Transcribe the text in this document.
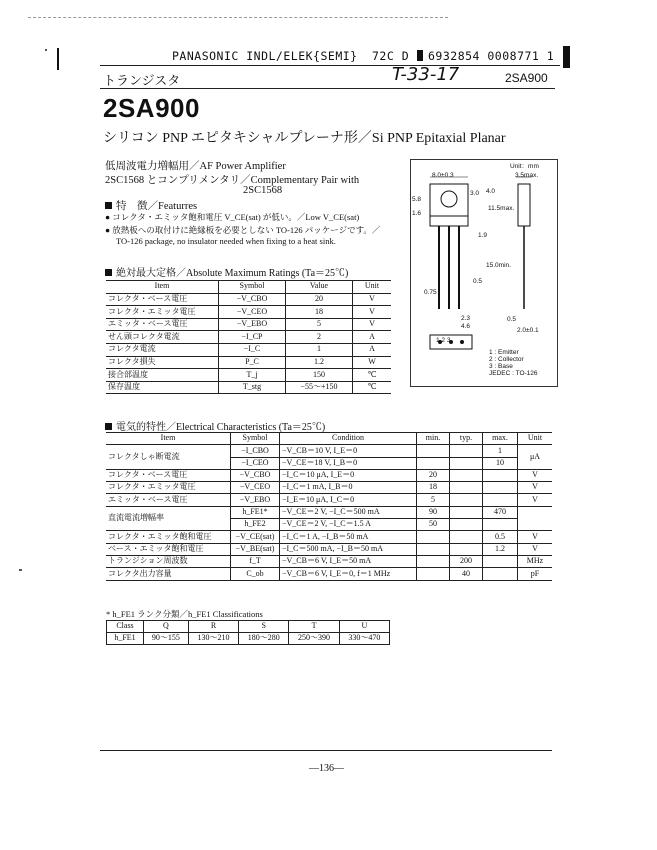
PANASONIC INDL/ELEK{SEMI} 72C D 6932854 0008771 1
トランジスタ	T-33-17	2SA900
2SA900
シリコン PNP エピタキシャルプレーナ形／Si PNP Epitaxial Planar
低周波電力増幅用／AF Power Amplifier
2SC1568 とコンプリメンタリ／Complementary Pair with
2SC1568
特　徴／Featurres
● コレクタ・エミッタ飽和電圧 V_CE(sat) が低い。／Low V_CE(sat)
● 放熱板への取付けに絶縁板を必要としない TO-126 パッケージです。／
TO-126 package, no insulator needed when fixing to a heat sink.
絶対最大定格／Absolute Maximum Ratings (Ta＝25℃)
Item	Symbol	Value	Unit
コレクタ・ベース電圧	−V_CBO	20	V
コレクタ・エミッタ電圧	−V_CEO	18	V
エミッタ・ベース電圧	−V_EBO	5	V
せん頭コレクタ電流	−I_CP	2	A
コレクタ電流	−I_C	1	A
コレクタ損失	P_C	1.2	W
接合部温度	T_j	150	℃
保存温度	T_stg	−55～+150	℃
Unit：mm
8.0±0.3	3.5max.
5.8
3.0 4.0
11.5max.
1.6
1.9
15.0min.
0.5
0.75
2.3
4.6
0.5
2.0±0.1
1 2 3
1 : Emitter
2 : Collector
3 : Base
JEDEC : TO-126
電気的特性／Electrical Characteristics (Ta＝25℃)
Item	Symbol	Condition	min.	typ.	max.	Unit
コレクタしゃ断電流	−I_CBO	−V_CB＝10 V, I_E＝0			1	μA
	−I_CEO	−V_CE＝18 V, I_B＝0			10	
コレクタ・ベース電圧	−V_CBO	−I_C＝10 μA, I_E＝0	20			V
コレクタ・エミッタ電圧	−V_CEO	−I_C＝1 mA, I_B＝0	18			V
エミッタ・ベース電圧	−V_EBO	−I_E＝10 μA, I_C＝0	5			V
直流電流増幅率	h_FE1*	−V_CE＝2 V, −I_C＝500 mA	90		470	
	h_FE2	−V_CE＝2 V, −I_C＝1.5 A	50			
コレクタ・エミッタ飽和電圧	−V_CE(sat)	−I_C＝1 A, −I_B＝50 mA			0.5	V
ベース・エミッタ飽和電圧	−V_BE(sat)	−I_C＝500 mA, −I_B＝50 mA			1.2	V
トランジション周波数	f_T	−V_CB＝6 V, I_E＝50 mA		200		MHz
コレクタ出力容量	C_ob	−V_CB＝6 V, I_E＝0, f＝1 MHz		40		pF
* h_FE1 ランク分類／h_FE1 Classifications
Class	Q	R	S	T	U
h_FE1	90～155	130～210	180～280	250～390	330～470
—136—
